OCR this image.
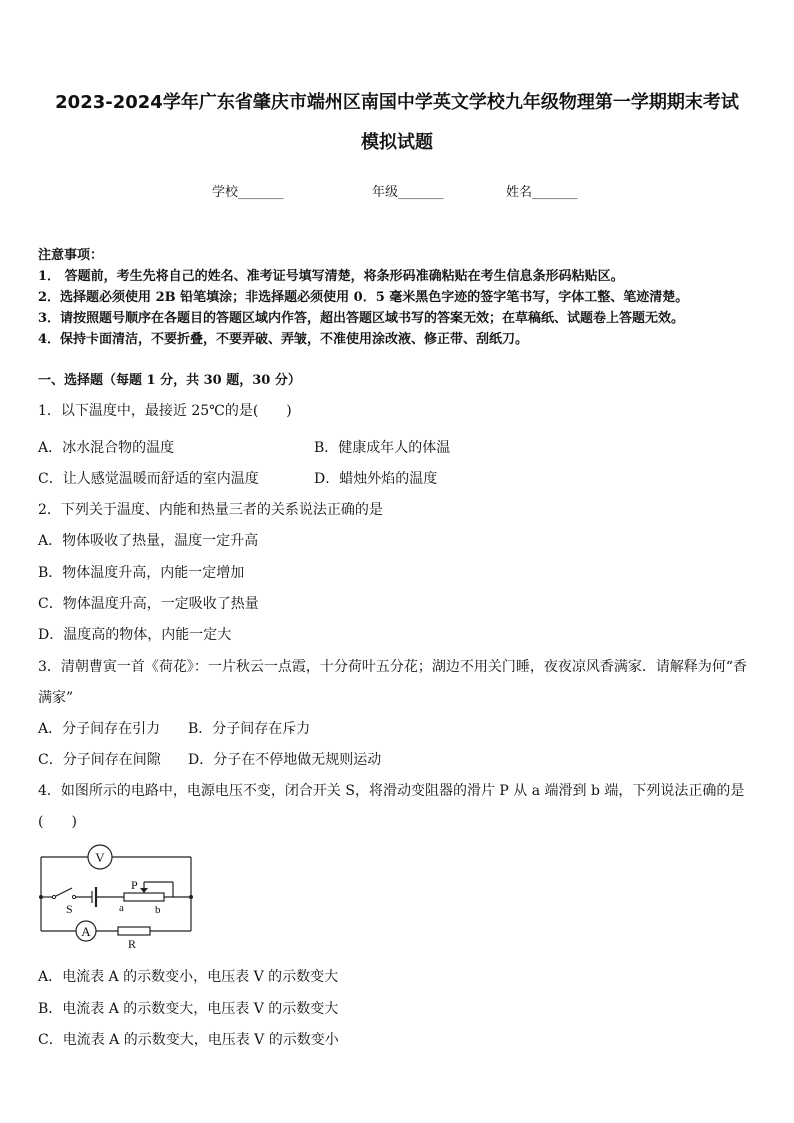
2023-2024学年广东省肇庆市端州区南国中学英文学校九年级物理第一学期期末考试
模拟试题
学校_______	年级_______	姓名_______
注意事项：
1． 答题前，考生先将自己的姓名、准考证号填写清楚，将条形码准确粘贴在考生信息条形码粘贴区。
2．选择题必须使用 2B 铅笔填涂；非选择题必须使用 0．5 毫米黑色字迹的签字笔书写，字体工整、笔迹清楚。
3．请按照题号顺序在各题目的答题区域内作答，超出答题区域书写的答案无效；在草稿纸、试题卷上答题无效。
4．保持卡面清洁，不要折叠，不要弄破、弄皱，不准使用涂改液、修正带、刮纸刀。
一、选择题（每题 1 分，共 30 题，30 分）
1．以下温度中，最接近 25℃的是(　　)
A．冰水混合物的温度	B．健康成年人的体温
C．让人感觉温暖而舒适的室内温度	D．蜡烛外焰的温度
2．下列关于温度、内能和热量三者的关系说法正确的是
A．物体吸收了热量，温度一定升高
B．物体温度升高，内能一定增加
C．物体温度升高，一定吸收了热量
D．温度高的物体，内能一定大
3．清朝曹寅一首《荷花》：一片秋云一点霞，十分荷叶五分花；湖边不用关门睡，夜夜凉风香满家．请解释为何“香
满家”
A．分子间存在引力 B．分子间存在斥力
C．分子间存在间隙 D．分子在不停地做无规则运动
4．如图所示的电路中，电源电压不变，闭合开关 S，将滑动变阻器的滑片 P 从 a 端滑到 b 端，下列说法正确的是
(　　)
V
A
S
P
a	b
R
A．电流表 A 的示数变小，电压表 V 的示数变大
B．电流表 A 的示数变大，电压表 V 的示数变大
C．电流表 A 的示数变大，电压表 V 的示数变小
